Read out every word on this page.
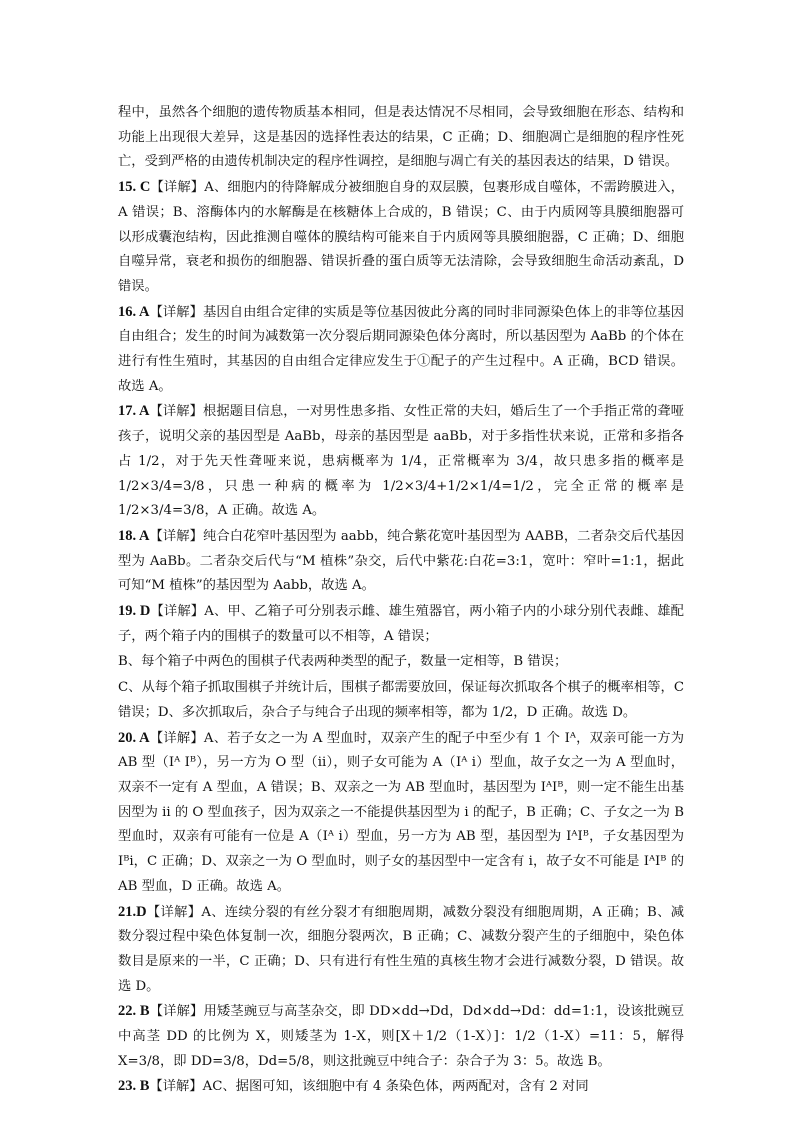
程中，虽然各个细胞的遗传物质基本相同，但是表达情况不尽相同，会导致细胞在形态、结构和功能上出现很大差异，这是基因的选择性表达的结果，C 正确；D、细胞凋亡是细胞的程序性死亡，受到严格的由遗传机制决定的程序性调控，是细胞与凋亡有关的基因表达的结果，D 错误。

15. C【详解】A、细胞内的待降解成分被细胞自身的双层膜，包裹形成自噬体，不需跨膜进入，A 错误；B、溶酶体内的水解酶是在核糖体上合成的，B 错误；C、由于内质网等具膜细胞器可以形成囊泡结构，因此推测自噬体的膜结构可能来自于内质网等具膜细胞器，C 正确；D、细胞自噬异常，衰老和损伤的细胞器、错误折叠的蛋白质等无法清除，会导致细胞生命活动紊乱，D 错误。

16. A【详解】基因自由组合定律的实质是等位基因彼此分离的同时非同源染色体上的非等位基因自由组合；发生的时间为减数第一次分裂后期同源染色体分离时，所以基因型为 AaBb 的个体在进行有性生殖时，其基因的自由组合定律应发生于①配子的产生过程中。A 正确，BCD 错误。故选 A。

17. A【详解】根据题目信息，一对男性患多指、女性正常的夫妇，婚后生了一个手指正常的聋哑孩子，说明父亲的基因型是 AaBb，母亲的基因型是 aaBb，对于多指性状来说，正常和多指各占 1/2，对于先天性聋哑来说，患病概率为 1/4，正常概率为 3/4，故只患多指的概率是 1/2×3/4=3/8，只患一种病的概率为 1/2×3/4+1/2×1/4=1/2，完全正常的概率是 1/2×3/4=3/8，A 正确。故选 A。

18. A【详解】纯合白花窄叶基因型为 aabb，纯合紫花宽叶基因型为 AABB，二者杂交后代基因型为 AaBb。二者杂交后代与“M 植株”杂交，后代中紫花:白花=3:1，宽叶：窄叶=1:1，据此可知“M 植株”的基因型为 Aabb，故选 A。

19. D【详解】A、甲、乙箱子可分别表示雌、雄生殖器官，两小箱子内的小球分别代表雌、雄配子，两个箱子内的围棋子的数量可以不相等，A 错误；

B、每个箱子中两色的围棋子代表两种类型的配子，数量一定相等，B 错误；

C、从每个箱子抓取围棋子并统计后，围棋子都需要放回，保证每次抓取各个棋子的概率相等，C 错误；D、多次抓取后，杂合子与纯合子出现的频率相等，都为 1/2，D 正确。故选 D。

20. A【详解】A、若子女之一为 A 型血时，双亲产生的配子中至少有 1 个 Iᴬ，双亲可能一方为 AB 型（Iᴬ Iᴮ），另一方为 O 型（ii），则子女可能为 A（Iᴬ i）型血，故子女之一为 A 型血时，双亲不一定有 A 型血，A 错误；B、双亲之一为 AB 型血时，基因型为 IᴬIᴮ，则一定不能生出基因型为 ii 的 O 型血孩子，因为双亲之一不能提供基因型为 i 的配子，B 正确；C、子女之一为 B 型血时，双亲有可能有一位是 A（Iᴬ i）型血，另一方为 AB 型，基因型为 IᴬIᴮ，子女基因型为 Iᴮi，C 正确；D、双亲之一为 O 型血时，则子女的基因型中一定含有 i，故子女不可能是 IᴬIᴮ 的 AB 型血，D 正确。故选 A。

21.D【详解】A、连续分裂的有丝分裂才有细胞周期，减数分裂没有细胞周期，A 正确；B、减数分裂过程中染色体复制一次，细胞分裂两次，B 正确；C、减数分裂产生的子细胞中，染色体数目是原来的一半，C 正确；D、只有进行有性生殖的真核生物才会进行减数分裂，D 错误。故选 D。

22. B【详解】用矮茎豌豆与高茎杂交，即 DD×dd→Dd，Dd×dd→Dd：dd=1:1，设该批豌豆中高茎 DD 的比例为 X，则矮茎为 1-X，则[X＋1/2（1-X）]：1/2（1-X）=11：5，解得 X=3/8，即 DD=3/8，Dd=5/8，则这批豌豆中纯合子：杂合子为 3：5。故选 B。

23. B【详解】AC、据图可知，该细胞中有 4 条染色体，两两配对，含有 2 对同
